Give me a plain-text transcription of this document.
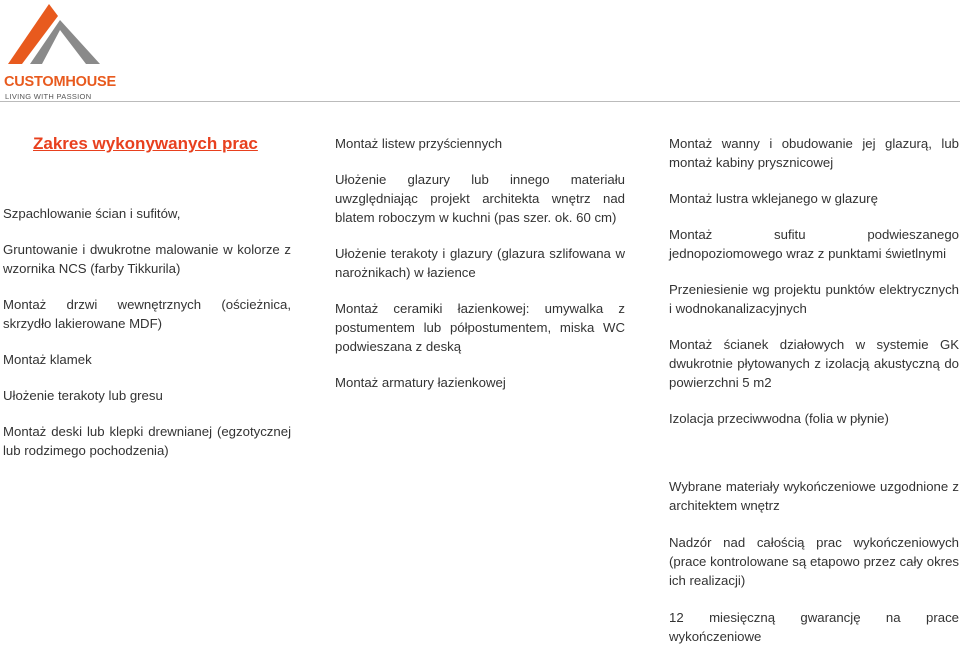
CUSTOMHOUSE
LIVING WITH PASSION
Zakres wykonywanych prac

Szpachlowanie ścian i sufitów,

Gruntowanie i dwukrotne malowanie w kolorze z wzornika NCS (farby Tikkurila)

Montaż drzwi wewnętrznych (ościeżnica, skrzydło lakierowane MDF)

Montaż klamek

Ułożenie terakoty lub gresu

Montaż deski lub klepki drewnianej (egzotycznej lub rodzimego pochodzenia)

Montaż listew przyściennych

Ułożenie glazury lub innego materiału uwzględniając projekt architekta wnętrz nad blatem roboczym w kuchni (pas szer. ok. 60 cm)

Ułożenie terakoty i glazury (glazura szlifowana w narożnikach) w łazience

Montaż ceramiki łazienkowej: umywalka z postumentem lub półpostumentem, miska WC podwieszana z deską

Montaż armatury łazienkowej

Montaż wanny i obudowanie jej glazurą, lub montaż kabiny prysznicowej

Montaż lustra wklejanego w glazurę

Montaż sufitu podwieszanego jednopoziomowego wraz z punktami świetlnymi

Przeniesienie wg projektu punktów elektrycznych i wodnokanalizacyjnych

Montaż ścianek działowych w systemie GK dwukrotnie płytowanych z izolacją akustyczną do powierzchni 5 m2

Izolacja przeciwwodna (folia w płynie)

Wybrane materiały wykończeniowe uzgodnione z architektem wnętrz

Nadzór nad całością prac wykończeniowych (prace kontrolowane są etapowo przez cały okres ich realizacji)

12 miesięczną gwarancję na prace wykończeniowe
